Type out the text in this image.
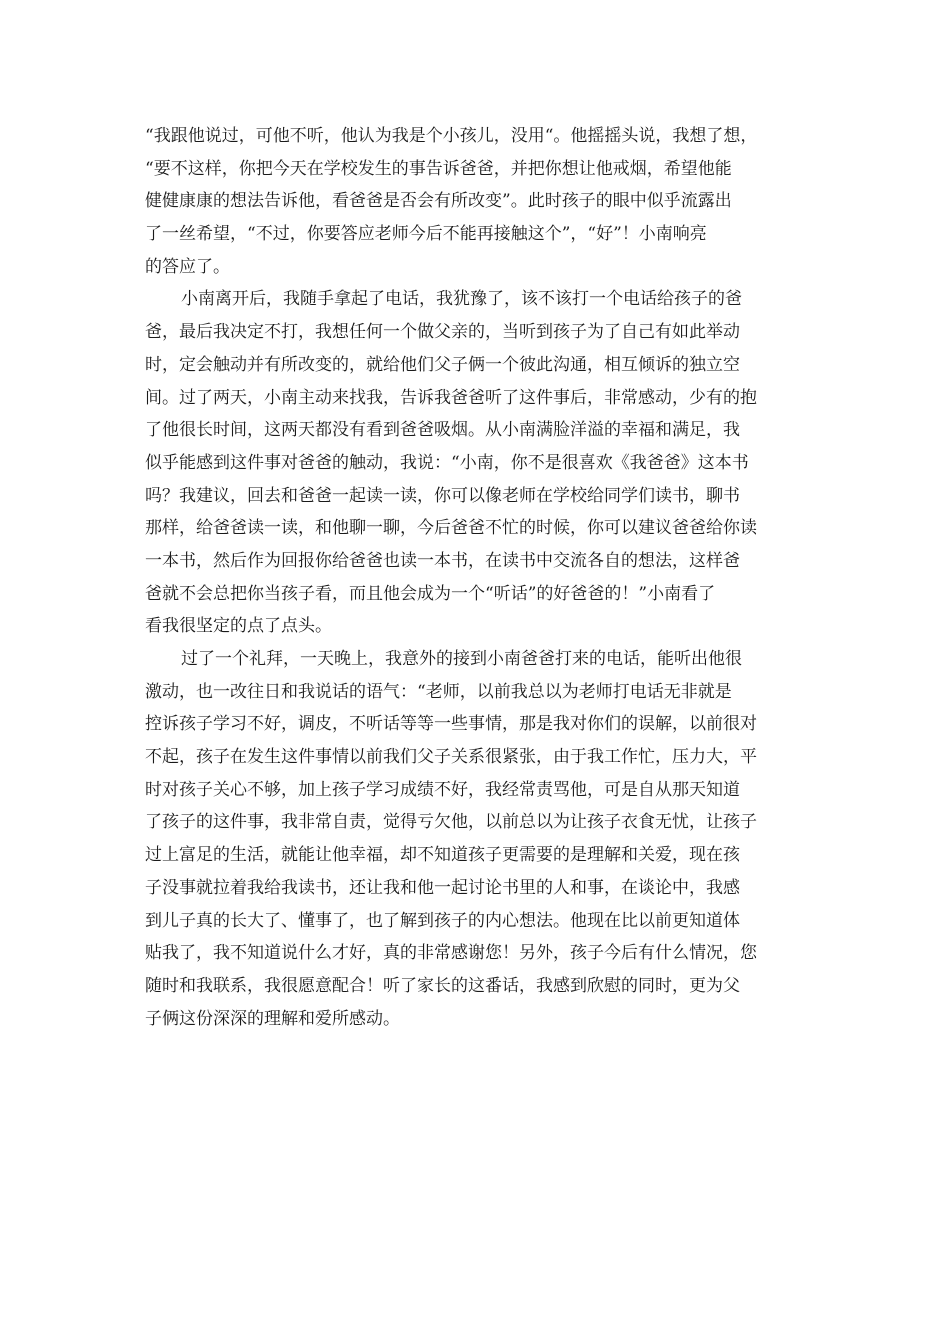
“我跟他说过，可他不听，他认为我是个小孩儿，没用“。他摇摇头说，我想了想，
“要不这样，你把今天在学校发生的事告诉爸爸，并把你想让他戒烟，希望他能
健健康康的想法告诉他，看爸爸是否会有所改变”。此时孩子的眼中似乎流露出
了一丝希望，“不过，你要答应老师今后不能再接触这个”，“好”！小南响亮
的答应了。
小南离开后，我随手拿起了电话，我犹豫了，该不该打一个电话给孩子的爸
爸，最后我决定不打，我想任何一个做父亲的，当听到孩子为了自己有如此举动
时，定会触动并有所改变的，就给他们父子俩一个彼此沟通，相互倾诉的独立空
间。过了两天，小南主动来找我，告诉我爸爸听了这件事后，非常感动，少有的抱
了他很长时间，这两天都没有看到爸爸吸烟。从小南满脸洋溢的幸福和满足，我
似乎能感到这件事对爸爸的触动，我说：“小南，你不是很喜欢《我爸爸》这本书
吗？我建议，回去和爸爸一起读一读，你可以像老师在学校给同学们读书，聊书
那样，给爸爸读一读，和他聊一聊，今后爸爸不忙的时候，你可以建议爸爸给你读
一本书，然后作为回报你给爸爸也读一本书，在读书中交流各自的想法，这样爸
爸就不会总把你当孩子看，而且他会成为一个“听话”的好爸爸的！”小南看了
看我很坚定的点了点头。
过了一个礼拜，一天晚上，我意外的接到小南爸爸打来的电话，能听出他很
激动，也一改往日和我说话的语气：“老师，以前我总以为老师打电话无非就是
控诉孩子学习不好，调皮，不听话等等一些事情，那是我对你们的误解，以前很对
不起，孩子在发生这件事情以前我们父子关系很紧张，由于我工作忙，压力大，平
时对孩子关心不够，加上孩子学习成绩不好，我经常责骂他，可是自从那天知道
了孩子的这件事，我非常自责，觉得亏欠他，以前总以为让孩子衣食无忧，让孩子
过上富足的生活，就能让他幸福，却不知道孩子更需要的是理解和关爱，现在孩
子没事就拉着我给我读书，还让我和他一起讨论书里的人和事，在谈论中，我感
到儿子真的长大了、懂事了，也了解到孩子的内心想法。他现在比以前更知道体
贴我了，我不知道说什么才好，真的非常感谢您！另外，孩子今后有什么情况，您
随时和我联系，我很愿意配合！听了家长的这番话，我感到欣慰的同时，更为父
子俩这份深深的理解和爱所感动。
